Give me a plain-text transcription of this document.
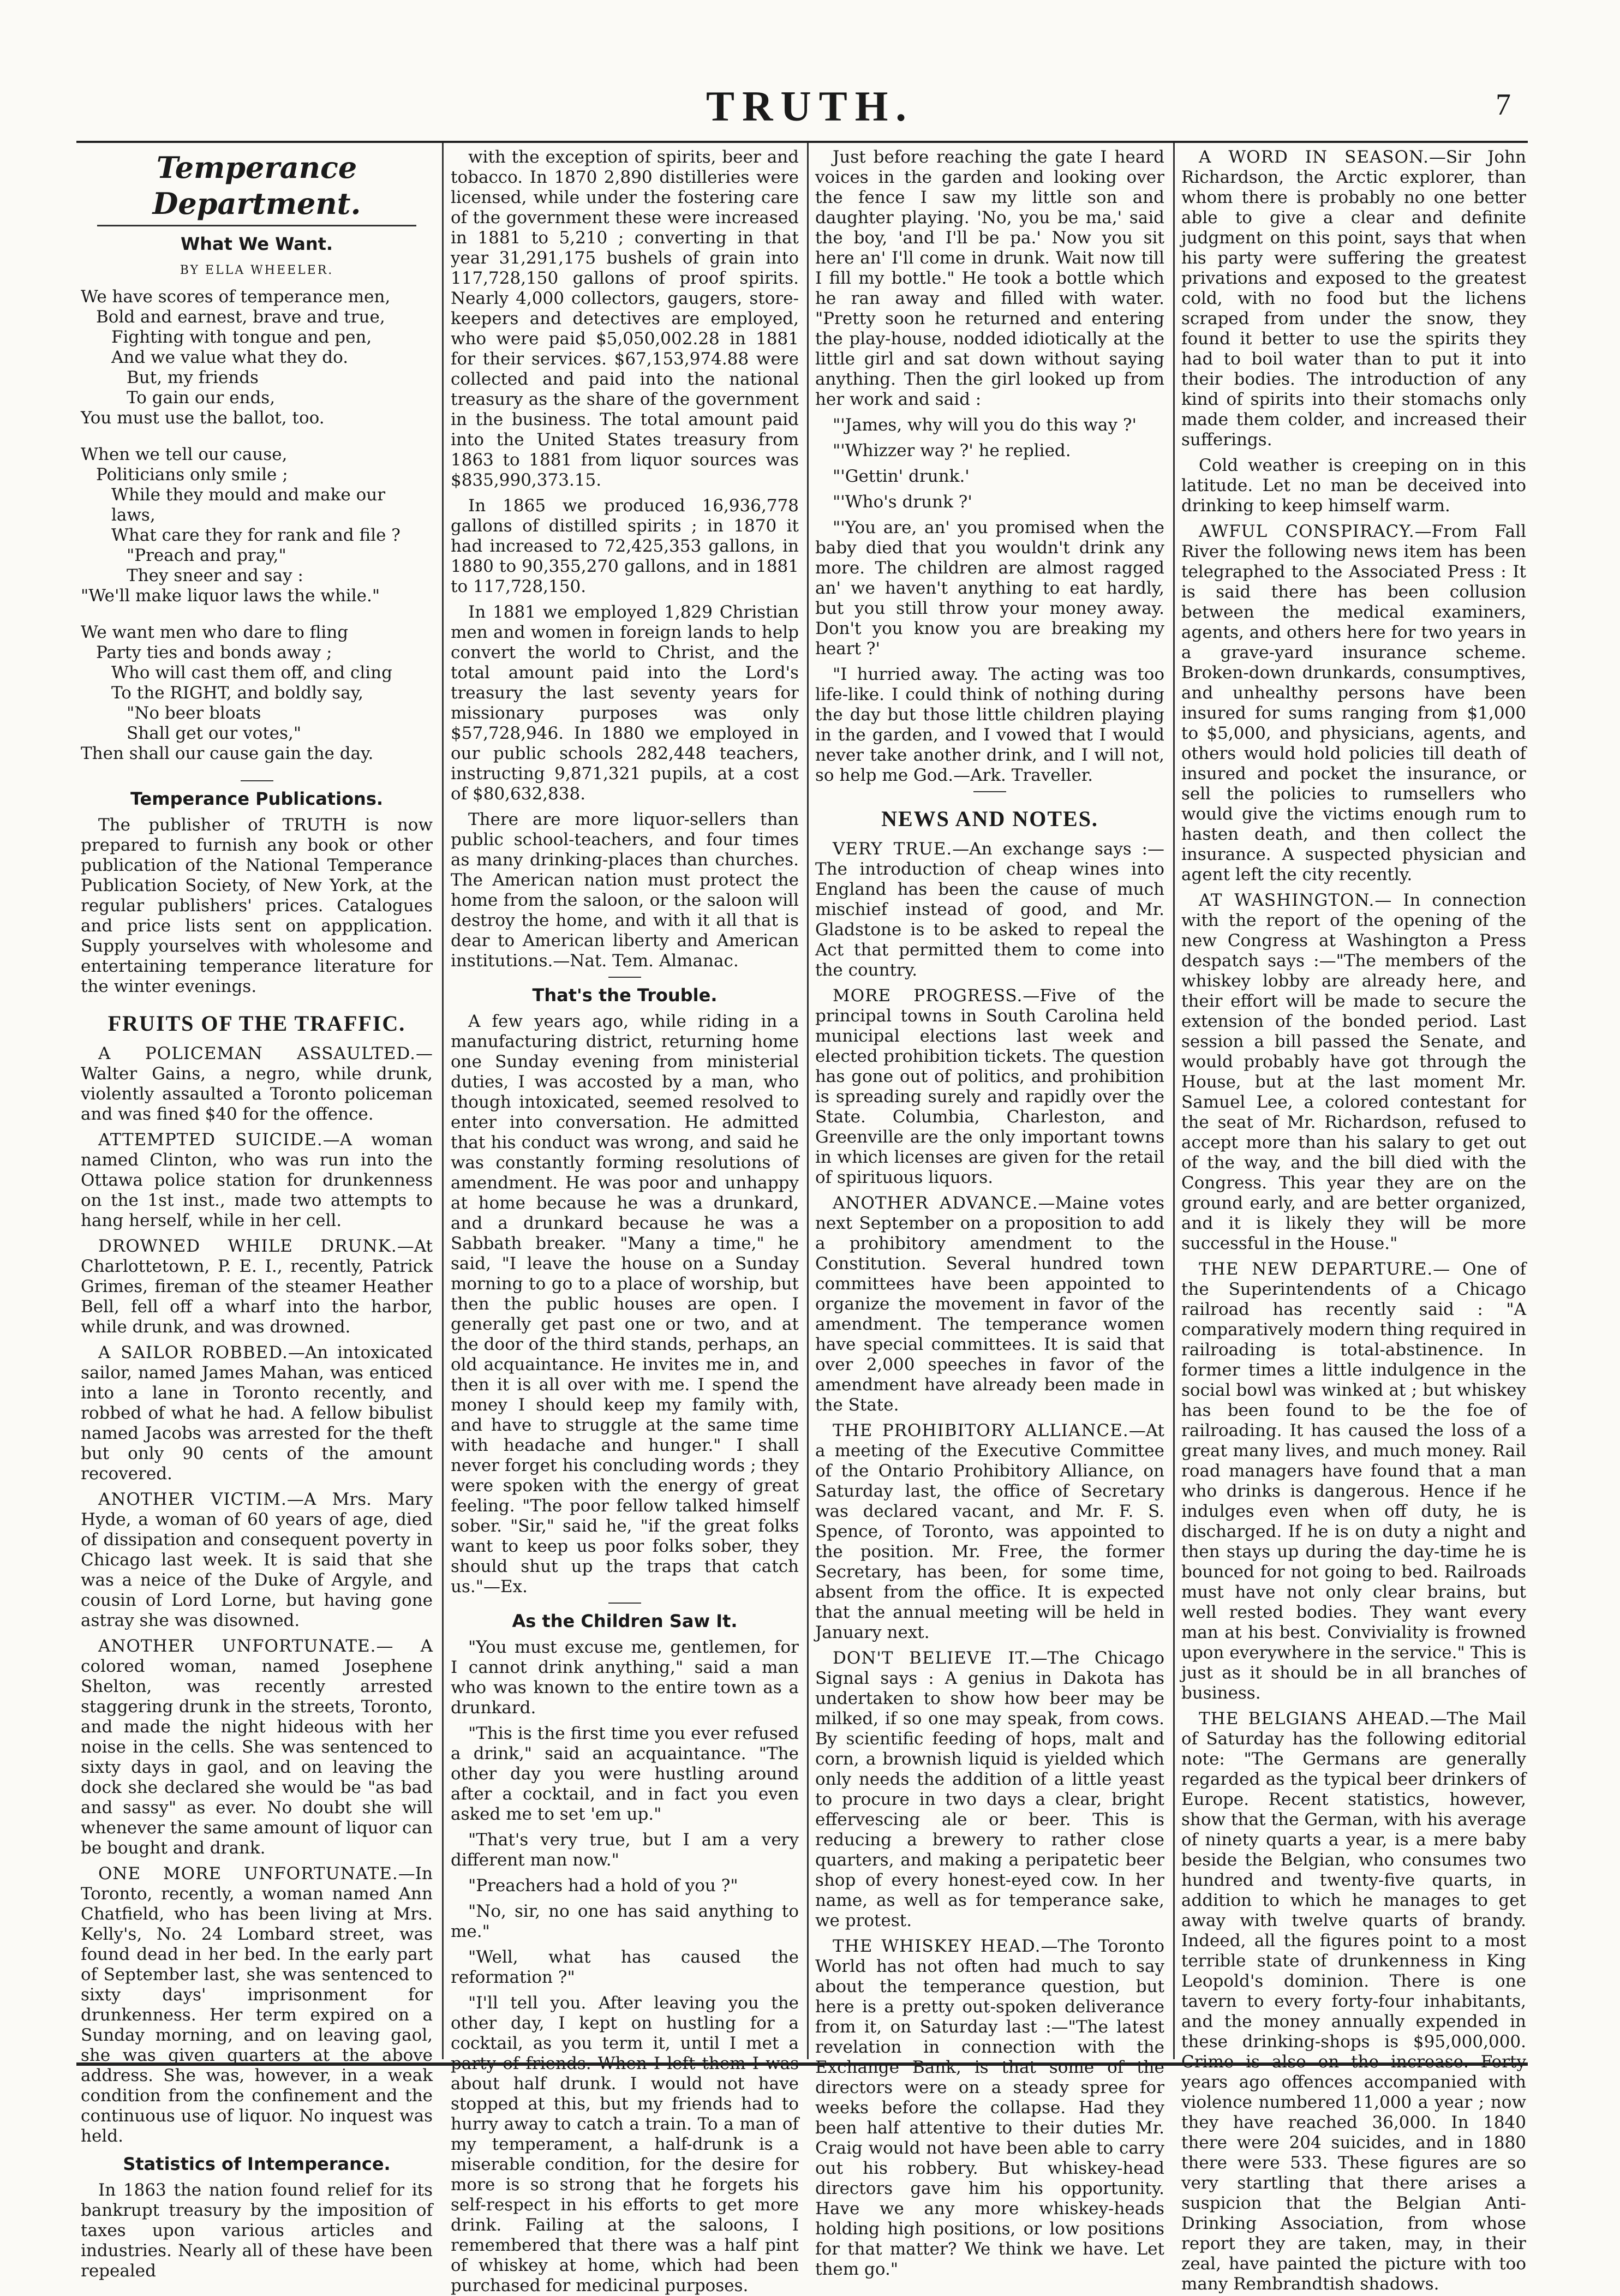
TRUTH.	7
Temperance Department.
What We Want.
BY ELLA WHEELER.

We have scores of temperance men,

Bold and earnest, brave and true,

Fighting with tongue and pen,

And we value what they do.

But, my friends

To gain our ends,

You must use the ballot, too.

When we tell our cause,

Politicians only smile ;

While they mould and make our laws,

What care they for rank and file ?

"Preach and pray,"

They sneer and say :

"We'll make liquor laws the while."

We want men who dare to fling

Party ties and bonds away ;

Who will cast them off, and cling

To the RIGHT, and boldly say,

"No beer bloats

Shall get our votes,"

Then shall our cause gain the day.

Temperance Publications.

The publisher of TRUTH is now prepared to furnish any book or other publication of the National Temperance Publication Society, of New York, at the regular publishers' prices. Catalogues and price lists sent on appplication. Supply yourselves with wholesome and entertaining temperance literature for the winter evenings.

FRUITS OF THE TRAFFIC.

A POLICEMAN ASSAULTED.— Walter Gains, a negro, while drunk, violently assaulted a Toronto policeman and was fined $40 for the offence.

ATTEMPTED SUICIDE.—A woman named Clinton, who was run into the Ottawa police station for drunkenness on the 1st inst., made two attempts to hang herself, while in her cell.

DROWNED WHILE DRUNK.—At Charlottetown, P. E. I., recently, Patrick Grimes, fireman of the steamer Heather Bell, fell off a wharf into the harbor, while drunk, and was drowned.

A SAILOR ROBBED.—An intoxicated sailor, named James Mahan, was enticed into a lane in Toronto recently, and robbed of what he had. A fellow bibulist named Jacobs was arrested for the theft but only 90 cents of the amount recovered.

ANOTHER VICTIM.—A Mrs. Mary Hyde, a woman of 60 years of age, died of dissipation and consequent poverty in Chicago last week. It is said that she was a neice of the Duke of Argyle, and cousin of Lord Lorne, but having gone astray she was disowned.

ANOTHER UNFORTUNATE.— A colored woman, named Josephene Shelton, was recently arrested staggering drunk in the streets, Toronto, and made the night hideous with her noise in the cells. She was sentenced to sixty days in gaol, and on leaving the dock she declared she would be "as bad and sassy" as ever. No doubt she will whenever the same amount of liquor can be bought and drank.

ONE MORE UNFORTUNATE.—In Toronto, recently, a woman named Ann Chatfield, who has been living at Mrs. Kelly's, No. 24 Lombard street, was found dead in her bed. In the early part of September last, she was sentenced to sixty days' imprisonment for drunkenness. Her term expired on a Sunday morning, and on leaving gaol, she was given quarters at the above address. She was, however, in a weak condition from the confinement and the continuous use of liquor. No inquest was held.

Statistics of Intemperance.

In 1863 the nation found relief for its bankrupt treasury by the imposition of taxes upon various articles and industries. Nearly all of these have been repealed

with the exception of spirits, beer and tobacco. In 1870 2,890 distilleries were licensed, while under the fostering care of the government these were increased in 1881 to 5,210 ; converting in that year 31,291,175 bushels of grain into 117,728,150 gallons of proof spirits. Nearly 4,000 collectors, gaugers, store-keepers and detectives are employed, who were paid $5,050,002.28 in 1881 for their services. $67,153,974.88 were collected and paid into the national treasury as the share of the government in the business. The total amount paid into the United States treasury from 1863 to 1881 from liquor sources was $835,990,373.15.

In 1865 we produced 16,936,778 gallons of distilled spirits ; in 1870 it had increased to 72,425,353 gallons, in 1880 to 90,355,270 gallons, and in 1881 to 117,728,150.

In 1881 we employed 1,829 Christian men and women in foreign lands to help convert the world to Christ, and the total amount paid into the Lord's treasury the last seventy years for missionary purposes was only $57,728,946. In 1880 we employed in our public schools 282,448 teachers, instructing 9,871,321 pupils, at a cost of $80,632,838.

There are more liquor-sellers than public school-teachers, and four times as many drinking-places than churches. The American nation must protect the home from the saloon, or the saloon will destroy the home, and with it all that is dear to American liberty and American institutions.—Nat. Tem. Almanac.

That's the Trouble.

A few years ago, while riding in a manufacturing district, returning home one Sunday evening from ministerial duties, I was accosted by a man, who though intoxicated, seemed resolved to enter into conversation. He admitted that his conduct was wrong, and said he was constantly forming resolutions of amendment. He was poor and unhappy at home because he was a drunkard, and a drunkard because he was a Sabbath breaker. "Many a time," he said, "I leave the house on a Sunday morning to go to a place of worship, but then the public houses are open. I generally get past one or two, and at the door of the third stands, perhaps, an old acquaintance. He invites me in, and then it is all over with me. I spend the money I should keep my family with, and have to struggle at the same time with headache and hunger." I shall never forget his concluding words ; they were spoken with the energy of great feeling. "The poor fellow talked himself sober. "Sir," said he, "if the great folks want to keep us poor folks sober, they should shut up the traps that catch us."—Ex.

As the Children Saw It.

"You must excuse me, gentlemen, for I cannot drink anything," said a man who was known to the entire town as a drunkard.

"This is the first time you ever refused a drink," said an acquaintance. "The other day you were hustling around after a cocktail, and in fact you even asked me to set 'em up."

"That's very true, but I am a very different man now."

"Preachers had a hold of you ?"

"No, sir, no one has said anything to me."

"Well, what has caused the reformation ?"

"I'll tell you. After leaving you the other day, I kept on hustling for a cocktail, as you term it, until I met a party of friends. When I left them I was about half drunk. I would not have stopped at this, but my friends had to hurry away to catch a train. To a man of my temperament, a half-drunk is a miserable condition, for the desire for more is so strong that he forgets his self-respect in his efforts to get more drink. Failing at the saloons, I remembered that there was a half pint of whiskey at home, which had been purchased for medicinal purposes.

Just before reaching the gate I heard voices in the garden and looking over the fence I saw my little son and daughter playing. 'No, you be ma,' said the boy, 'and I'll be pa.' Now you sit here an' I'll come in drunk. Wait now till I fill my bottle." He took a bottle which he ran away and filled with water. "Pretty soon he returned and entering the play-house, nodded idiotically at the little girl and sat down without saying anything. Then the girl looked up from her work and said :

"'James, why will you do this way ?'

"'Whizzer way ?' he replied.

"'Gettin' drunk.'

"'Who's drunk ?'

"'You are, an' you promised when the baby died that you wouldn't drink any more. The children are almost ragged an' we haven't anything to eat hardly, but you still throw your money away. Don't you know you are breaking my heart ?'

"I hurried away. The acting was too life-like. I could think of nothing during the day but those little children playing in the garden, and I vowed that I would never take another drink, and I will not, so help me God.—Ark. Traveller.

NEWS AND NOTES.

VERY TRUE.—An exchange says :—The introduction of cheap wines into England has been the cause of much mischief instead of good, and Mr. Gladstone is to be asked to repeal the Act that permitted them to come into the country.

MORE PROGRESS.—Five of the principal towns in South Carolina held municipal elections last week and elected prohibition tickets. The question has gone out of politics, and prohibition is spreading surely and rapidly over the State. Columbia, Charleston, and Greenville are the only important towns in which licenses are given for the retail of spirituous liquors.

ANOTHER ADVANCE.—Maine votes next September on a proposition to add a prohibitory amendment to the Constitution. Several hundred town committees have been appointed to organize the movement in favor of the amendment. The temperance women have special committees. It is said that over 2,000 speeches in favor of the amendment have already been made in the State.

THE PROHIBITORY ALLIANCE.—At a meeting of the Executive Committee of the Ontario Prohibitory Alliance, on Saturday last, the office of Secretary was declared vacant, and Mr. F. S. Spence, of Toronto, was appointed to the position. Mr. Free, the former Secretary, has been, for some time, absent from the office. It is expected that the annual meeting will be held in January next.

DON'T BELIEVE IT.—The Chicago Signal says : A genius in Dakota has undertaken to show how beer may be milked, if so one may speak, from cows. By scientific feeding of hops, malt and corn, a brownish liquid is yielded which only needs the addition of a little yeast to procure in two days a clear, bright effervescing ale or beer. This is reducing a brewery to rather close quarters, and making a peripatetic beer shop of every honest-eyed cow. In her name, as well as for temperance sake, we protest.

THE WHISKEY HEAD.—The Toronto World has not often had much to say about the temperance question, but here is a pretty out-spoken deliverance from it, on Saturday last :—"The latest revelation in connection with the Exchange Bank, is that some of the directors were on a steady spree for weeks before the collapse. Had they been half attentive to their duties Mr. Craig would not have been able to carry out his robbery. But whiskey-head directors gave him his opportunity. Have we any more whiskey-heads holding high positions, or low positions for that matter? We think we have. Let them go."

A WORD IN SEASON.—Sir John Richardson, the Arctic explorer, than whom there is probably no one better able to give a clear and definite judgment on this point, says that when his party were suffering the greatest privations and exposed to the greatest cold, with no food but the lichens scraped from under the snow, they found it better to use the spirits they had to boil water than to put it into their bodies. The introduction of any kind of spirits into their stomachs only made them colder, and increased their sufferings.

Cold weather is creeping on in this latitude. Let no man be deceived into drinking to keep himself warm.

AWFUL CONSPIRACY.—From Fall River the following news item has been telegraphed to the Associated Press : It is said there has been collusion between the medical examiners, agents, and others here for two years in a grave-yard insurance scheme. Broken-down drunkards, consumptives, and unhealthy persons have been insured for sums ranging from $1,000 to $5,000, and physicians, agents, and others would hold policies till death of insured and pocket the insurance, or sell the policies to rumsellers who would give the victims enough rum to hasten death, and then collect the insurance. A suspected physician and agent left the city recently.

AT WASHINGTON.— In connection with the report of the opening of the new Congress at Washington a Press despatch says :—"The members of the whiskey lobby are already here, and their effort will be made to secure the extension of the bonded period. Last session a bill passed the Senate, and would probably have got through the House, but at the last moment Mr. Samuel Lee, a colored contestant for the seat of Mr. Richardson, refused to accept more than his salary to get out of the way, and the bill died with the Congress. This year they are on the ground early, and are better organized, and it is likely they will be more successful in the House."

THE NEW DEPARTURE.— One of the Superintendents of a Chicago railroad has recently said : "A comparatively modern thing required in railroading is total-abstinence. In former times a little indulgence in the social bowl was winked at ; but whiskey has been found to be the foe of railroading. It has caused the loss of a great many lives, and much money. Rail road managers have found that a man who drinks is dangerous. Hence if he indulges even when off duty, he is discharged. If he is on duty a night and then stays up during the day-time he is bounced for not going to bed. Railroads must have not only clear brains, but well rested bodies. They want every man at his best. Conviviality is frowned upon everywhere in the service." This is just as it should be in all branches of business.

THE BELGIANS AHEAD.—The Mail of Saturday has the following editorial note: "The Germans are generally regarded as the typical beer drinkers of Europe. Recent statistics, however, show that the German, with his average of ninety quarts a year, is a mere baby beside the Belgian, who consumes two hundred and twenty-five quarts, in addition to which he manages to get away with twelve quarts of brandy. Indeed, all the figures point to a most terrible state of drunkenness in King Leopold's dominion. There is one tavern to every forty-four inhabitants, and the money annually expended in these drinking-shops is $95,000,000. Crime is also on the increase. Forty years ago offences accompanied with violence numbered 11,000 a year ; now they have reached 36,000. In 1840 there were 204 suicides, and in 1880 there were 533. These figures are so very startling that there arises a suspicion that the Belgian Anti-Drinking Association, from whose report they are taken, may, in their zeal, have painted the picture with too many Rembrandtish shadows.
